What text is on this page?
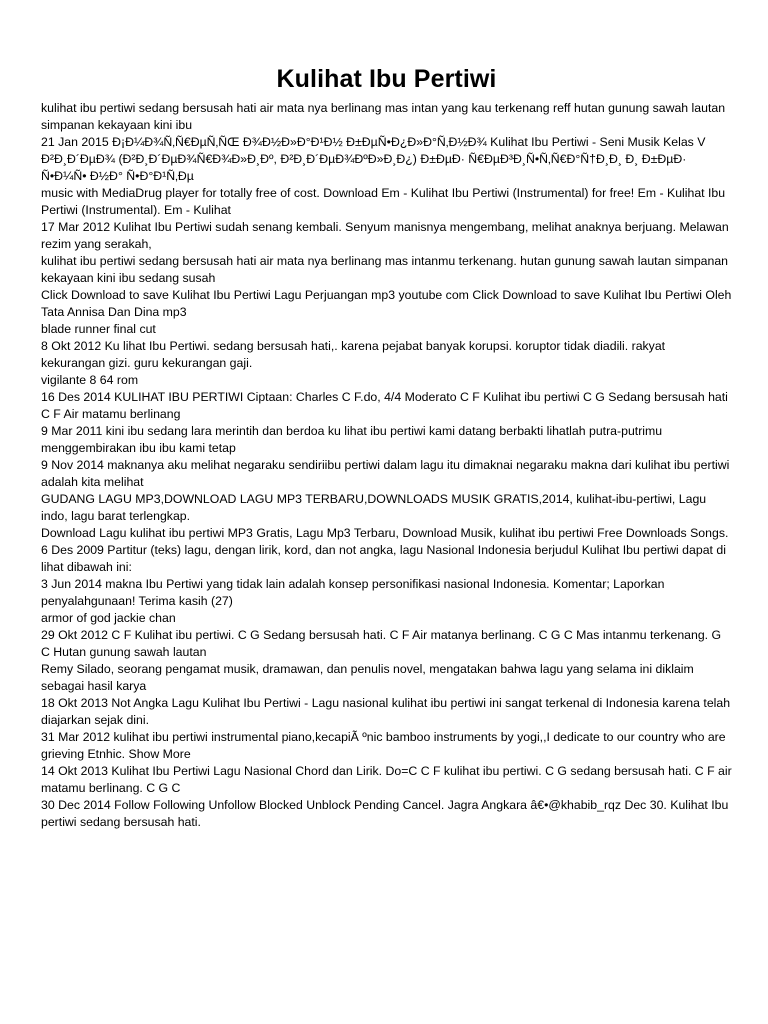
Kulihat Ibu Pertiwi
kulihat ibu pertiwi sedang bersusah hati air mata nya berlinang mas intan yang kau terkenang reff hutan gunung sawah lautan simpanan kekayaan kini ibu
21 Jan 2015 Đ¡Đ¼Đ¾Ñ‚Ñ€ĐµÑ‚ÑŒ Đ¾Đ½Đ»Đ°Đ¹Đ½ Đ±ĐµÑ•Đ¿Đ»Đ°Ñ‚Đ½Đ¾ Kulihat Ibu Pertiwi - Seni Musik Kelas V Đ²Đ¸Đ´ĐµĐ¾ (Đ²Đ¸Đ´ĐµĐ¾Ñ€Đ¾Đ»Đ¸Đº, Đ²Đ¸Đ´ĐµĐ¾ĐºĐ»Đ¸Đ¿) Đ±ĐµĐ· Ñ€ĐµĐ³Đ¸Ñ•Ñ‚Ñ€Đ°Ñ†Đ¸Đ¸ Đ¸ Đ±ĐµĐ· Ñ•Đ¼Ñ• Đ½Đ° Ñ•Đ°Đ¹Ñ‚Đµ
music with MediaDrug player for totally free of cost. Download Em - Kulihat Ibu Pertiwi (Instrumental) for free! Em - Kulihat Ibu Pertiwi (Instrumental). Em - Kulihat
17 Mar 2012 Kulihat Ibu Pertiwi sudah senang kembali. Senyum manisnya mengembang, melihat anaknya berjuang. Melawan rezim yang serakah,
kulihat ibu pertiwi sedang bersusah hati air mata nya berlinang mas intanmu terkenang. hutan gunung sawah lautan simpanan kekayaan kini ibu sedang susah
Click Download to save Kulihat Ibu Pertiwi Lagu Perjuangan mp3 youtube com Click Download to save Kulihat Ibu Pertiwi Oleh Tata Annisa Dan Dina mp3
blade runner final cut
8 Okt 2012 Ku lihat Ibu Pertiwi. sedang bersusah hati,. karena pejabat banyak korupsi. koruptor tidak diadili. rakyat kekurangan gizi. guru kekurangan gaji.
vigilante 8 64 rom
16 Des 2014 KULIHAT IBU PERTIWI Ciptaan: Charles C F.do, 4/4 Moderato C F Kulihat ibu pertiwi C G Sedang bersusah hati C F Air matamu berlinang
9 Mar 2011 kini ibu sedang lara merintih dan berdoa ku lihat ibu pertiwi kami datang berbakti lihatlah putra-putrimu menggembirakan ibu ibu kami tetap
9 Nov 2014 maknanya aku melihat negaraku sendiriibu pertiwi dalam lagu itu dimaknai negaraku makna dari kulihat ibu pertiwi adalah kita melihat
GUDANG LAGU MP3,DOWNLOAD LAGU MP3 TERBARU,DOWNLOADS MUSIK GRATIS,2014, kulihat-ibu-pertiwi, Lagu indo, lagu barat terlengkap.
Download Lagu kulihat ibu pertiwi MP3 Gratis, Lagu Mp3 Terbaru, Download Musik, kulihat ibu pertiwi Free Downloads Songs.
6 Des 2009 Partitur (teks) lagu, dengan lirik, kord, dan not angka, lagu Nasional Indonesia berjudul Kulihat Ibu pertiwi dapat di lihat dibawah ini:
3 Jun 2014 makna Ibu Pertiwi yang tidak lain adalah konsep personifikasi nasional Indonesia. Komentar; Laporkan penyalahgunaan! Terima kasih (27)
armor of god jackie chan
29 Okt 2012 C F Kulihat ibu pertiwi. C G Sedang bersusah hati. C F Air matanya berlinang. C G C Mas intanmu terkenang. G C Hutan gunung sawah lautan
Remy Silado, seorang pengamat musik, dramawan, dan penulis novel, mengatakan bahwa lagu yang selama ini diklaim sebagai hasil karya
18 Okt 2013 Not Angka Lagu Kulihat Ibu Pertiwi - Lagu nasional kulihat ibu pertiwi ini sangat terkenal di Indonesia karena telah diajarkan sejak dini.
31 Mar 2012 kulihat ibu pertiwi instrumental piano,kecapiÃ ºnic bamboo instruments by yogi,,I dedicate to our country who are grieving Etnhic. Show More
14 Okt 2013 Kulihat Ibu Pertiwi Lagu Nasional Chord dan Lirik. Do=C C F kulihat ibu pertiwi. C G sedang bersusah hati. C F air matamu berlinang. C G C
30 Dec 2014 Follow Following Unfollow Blocked Unblock Pending Cancel. Jagra Angkara â€•@khabib_rqz Dec 30. Kulihat Ibu pertiwi sedang bersusah hati.
